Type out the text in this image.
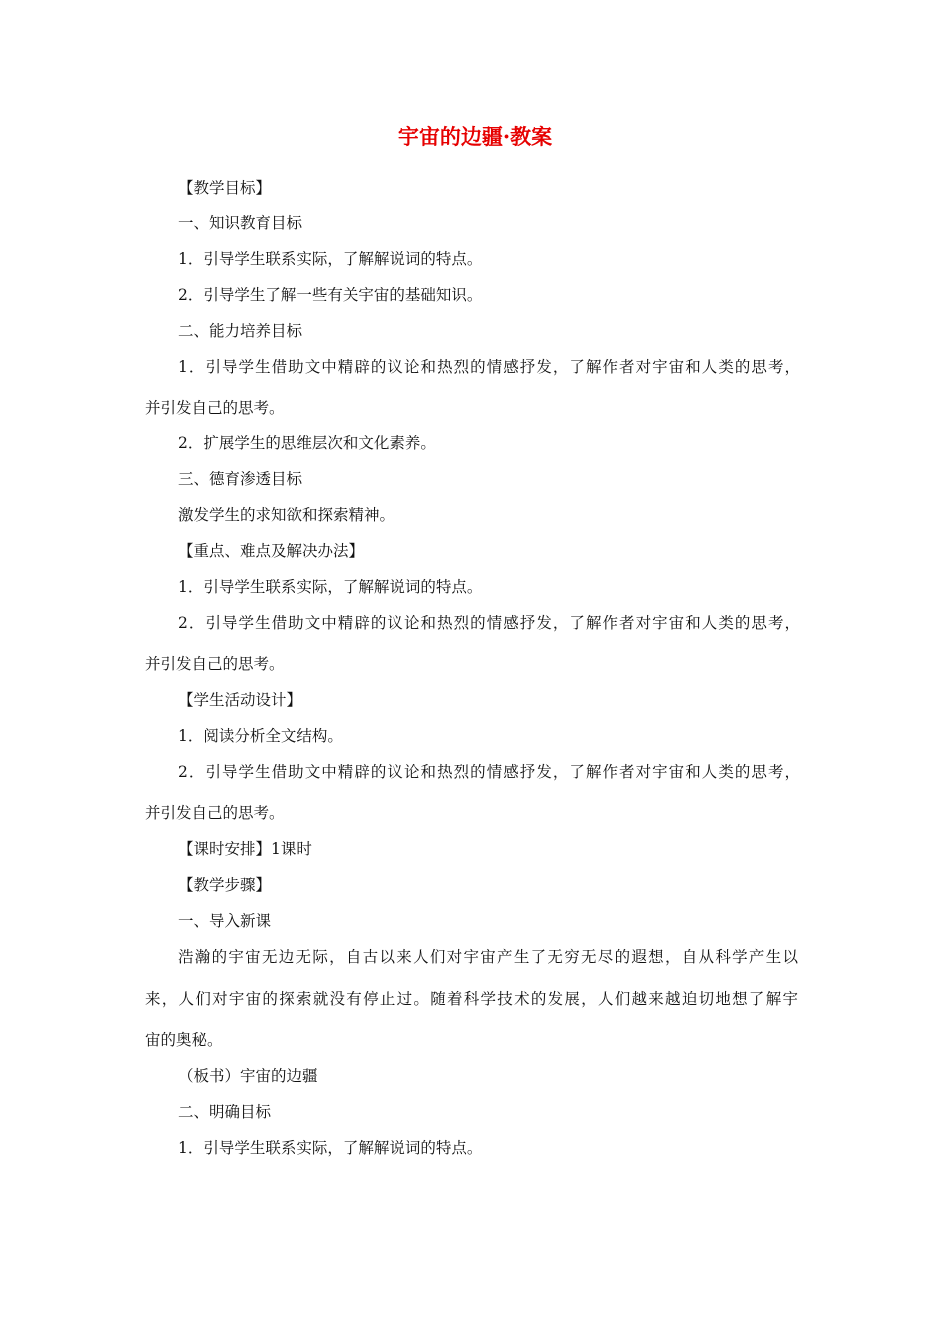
宇宙的边疆·教案

【教学目标】

一、知识教育目标

1．引导学生联系实际，了解解说词的特点。

2．引导学生了解一些有关宇宙的基础知识。

二、能力培养目标

1．引导学生借助文中精辟的议论和热烈的情感抒发，了解作者对宇宙和人类的思考，

并引发自己的思考。

2．扩展学生的思维层次和文化素养。

三、德育渗透目标

激发学生的求知欲和探索精神。

【重点、难点及解决办法】

1．引导学生联系实际，了解解说词的特点。

2．引导学生借助文中精辟的议论和热烈的情感抒发，了解作者对宇宙和人类的思考，

并引发自己的思考。

【学生活动设计】

1．阅读分析全文结构。

2．引导学生借助文中精辟的议论和热烈的情感抒发，了解作者对宇宙和人类的思考，

并引发自己的思考。

【课时安排】1课时

【教学步骤】

一、导入新课

浩瀚的宇宙无边无际，自古以来人们对宇宙产生了无穷无尽的遐想，自从科学产生以

来，人们对宇宙的探索就没有停止过。随着科学技术的发展，人们越来越迫切地想了解宇

宙的奥秘。

（板书）宇宙的边疆

二、明确目标

1．引导学生联系实际，了解解说词的特点。
